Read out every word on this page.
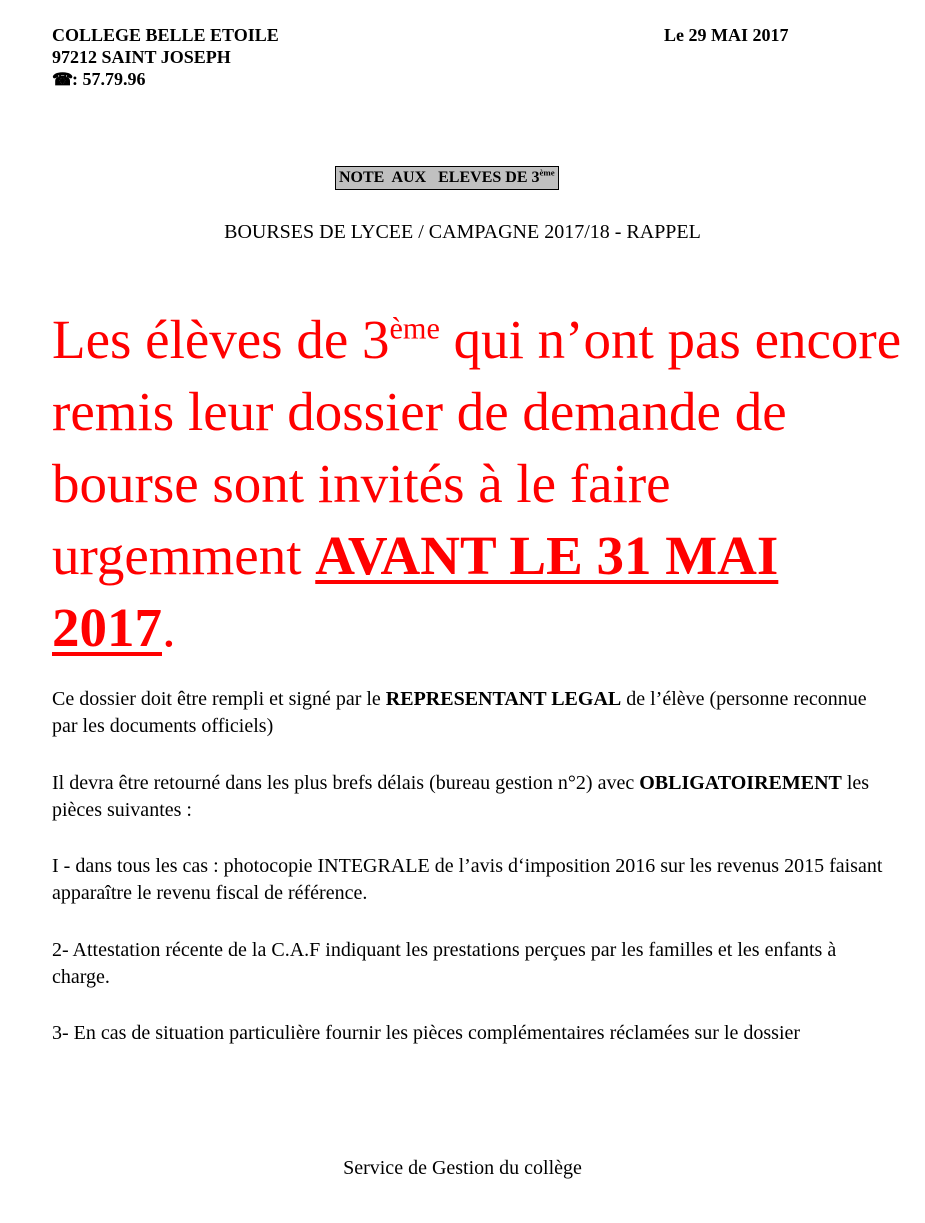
COLLEGE BELLE ETOILE
97212 SAINT JOSEPH
☎: 57.79.96
Le 29 MAI 2017
NOTE  AUX   ELEVES DE 3ème
BOURSES DE LYCEE / CAMPAGNE 2017/18 - RAPPEL
Les élèves de 3ème qui n’ont pas encore remis leur dossier de demande de bourse sont invités à le faire urgemment AVANT LE 31 MAI 2017.
Ce dossier doit être rempli et signé par le REPRESENTANT LEGAL de l’élève (personne reconnue par les documents officiels)
Il devra être retourné dans les plus brefs délais (bureau gestion n°2) avec OBLIGATOIREMENT les pièces suivantes :
I - dans tous les cas : photocopie INTEGRALE de l’avis d‘imposition 2016 sur les revenus 2015 faisant apparaître le revenu fiscal de référence.
2- Attestation récente de la C.A.F indiquant les prestations perçues par les familles et les enfants à charge.
3- En cas de situation particulière fournir les pièces complémentaires réclamées sur le dossier
Service de Gestion du collège
